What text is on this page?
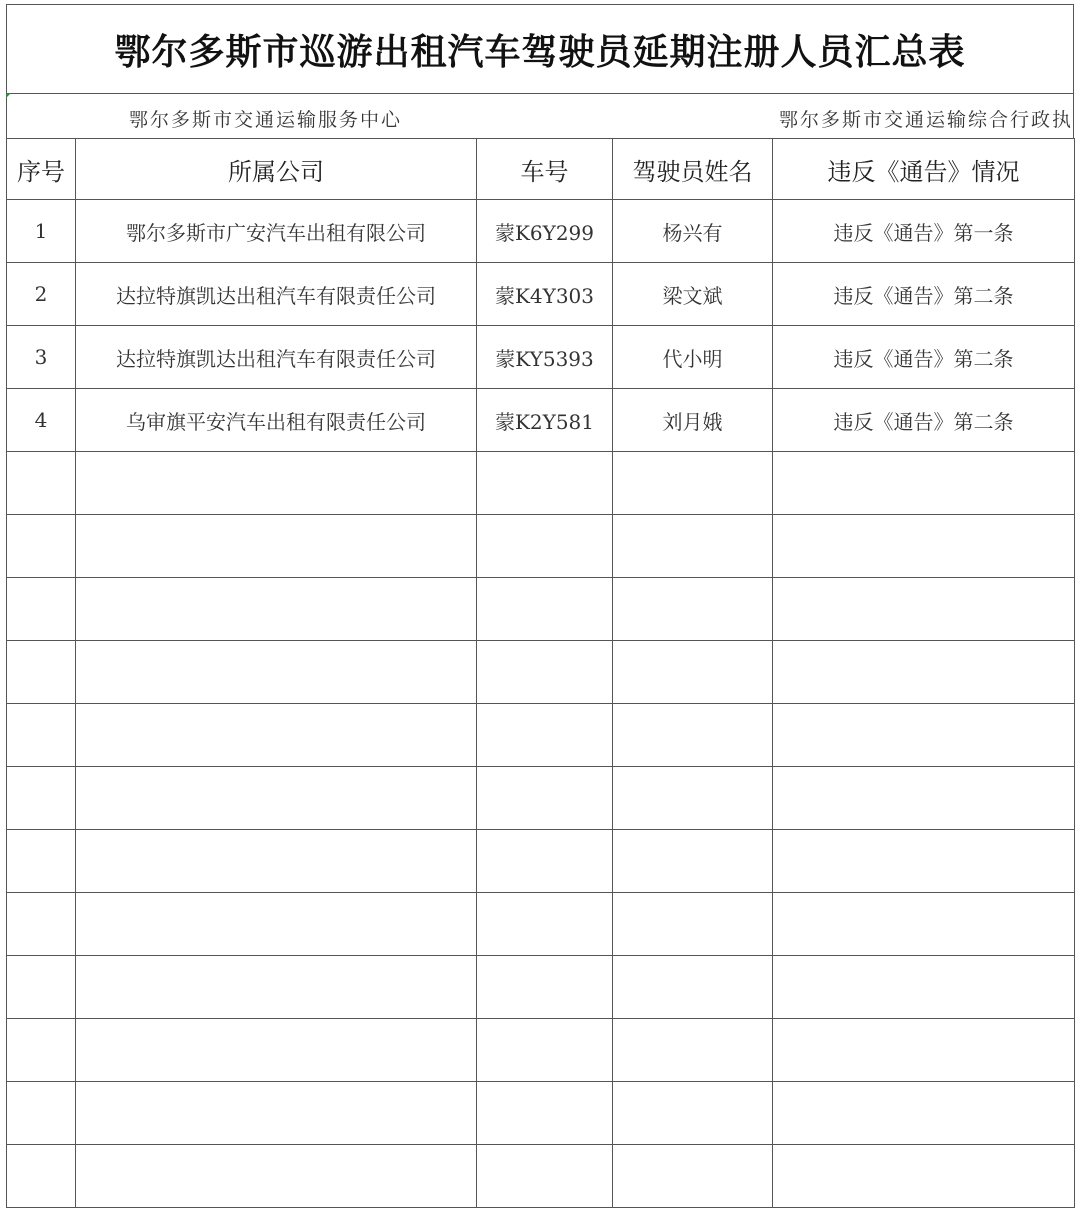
鄂尔多斯市巡游出租汽车驾驶员延期注册人员汇总表
鄂尔多斯市交通运输服务中心	鄂尔多斯市交通运输综合行政执
序号	所属公司	车号	驾驶员姓名	违反《通告》情况
1	鄂尔多斯市广安汽车出租有限公司	蒙K6Y299	杨兴有	违反《通告》第一条
2	达拉特旗凯达出租汽车有限责任公司	蒙K4Y303	梁文斌	违反《通告》第二条
3	达拉特旗凯达出租汽车有限责任公司	蒙KY5393	代小明	违反《通告》第二条
4	乌审旗平安汽车出租有限责任公司	蒙K2Y581	刘月娥	违反《通告》第二条
